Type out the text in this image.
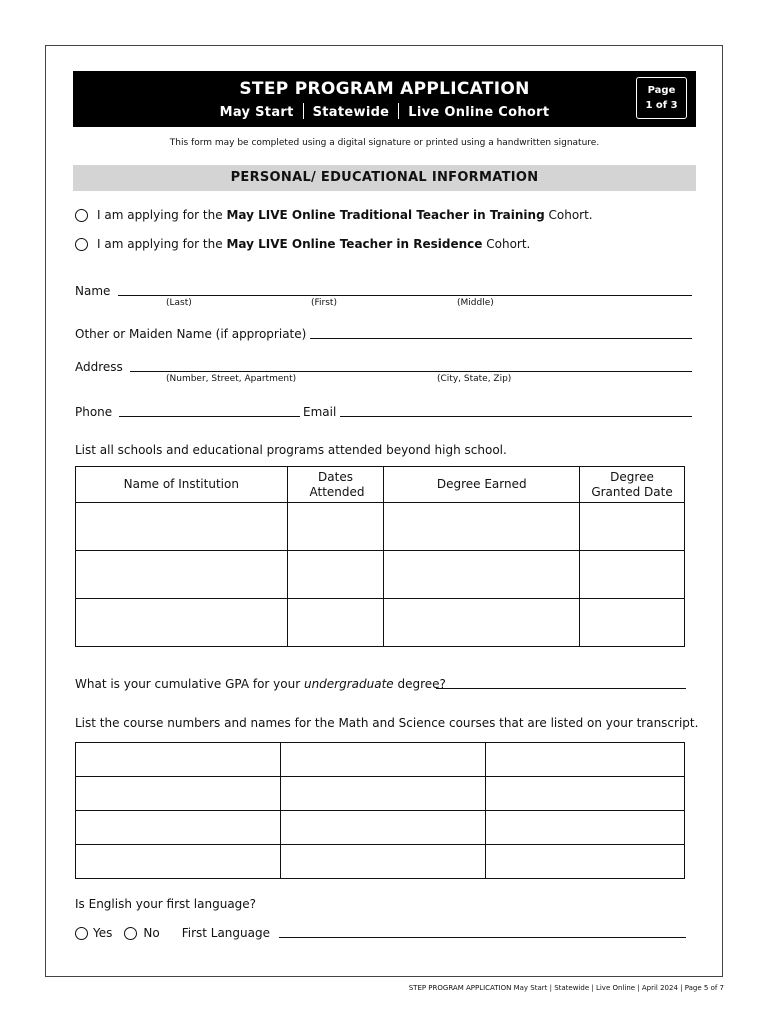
STEP PROGRAM APPLICATION
May Start Statewide Live Online Cohort
Page
1 of 3
This form may be completed using a digital signature or printed using a handwritten signature.
PERSONAL/ EDUCATIONAL INFORMATION
I am applying for the May LIVE Online Traditional Teacher in Training Cohort.
I am applying for the May LIVE Online Teacher in Residence Cohort.
Name
(Last)	(First)	(Middle)
Other or Maiden Name (if appropriate)
Address
(Number, Street, Apartment)	(City, State, Zip)
Phone	Email
List all schools and educational programs attended beyond high school.
Name of Institution	Dates Attended	Degree Earned	Degree Granted Date

What is your cumulative GPA for your undergraduate degree?
List the course numbers and names for the Math and Science courses that are listed on your transcript.

Is English your first language?
Yes	No First Language
STEP PROGRAM APPLICATION May Start | Statewide | Live Online | April 2024 | Page 5 of 7
